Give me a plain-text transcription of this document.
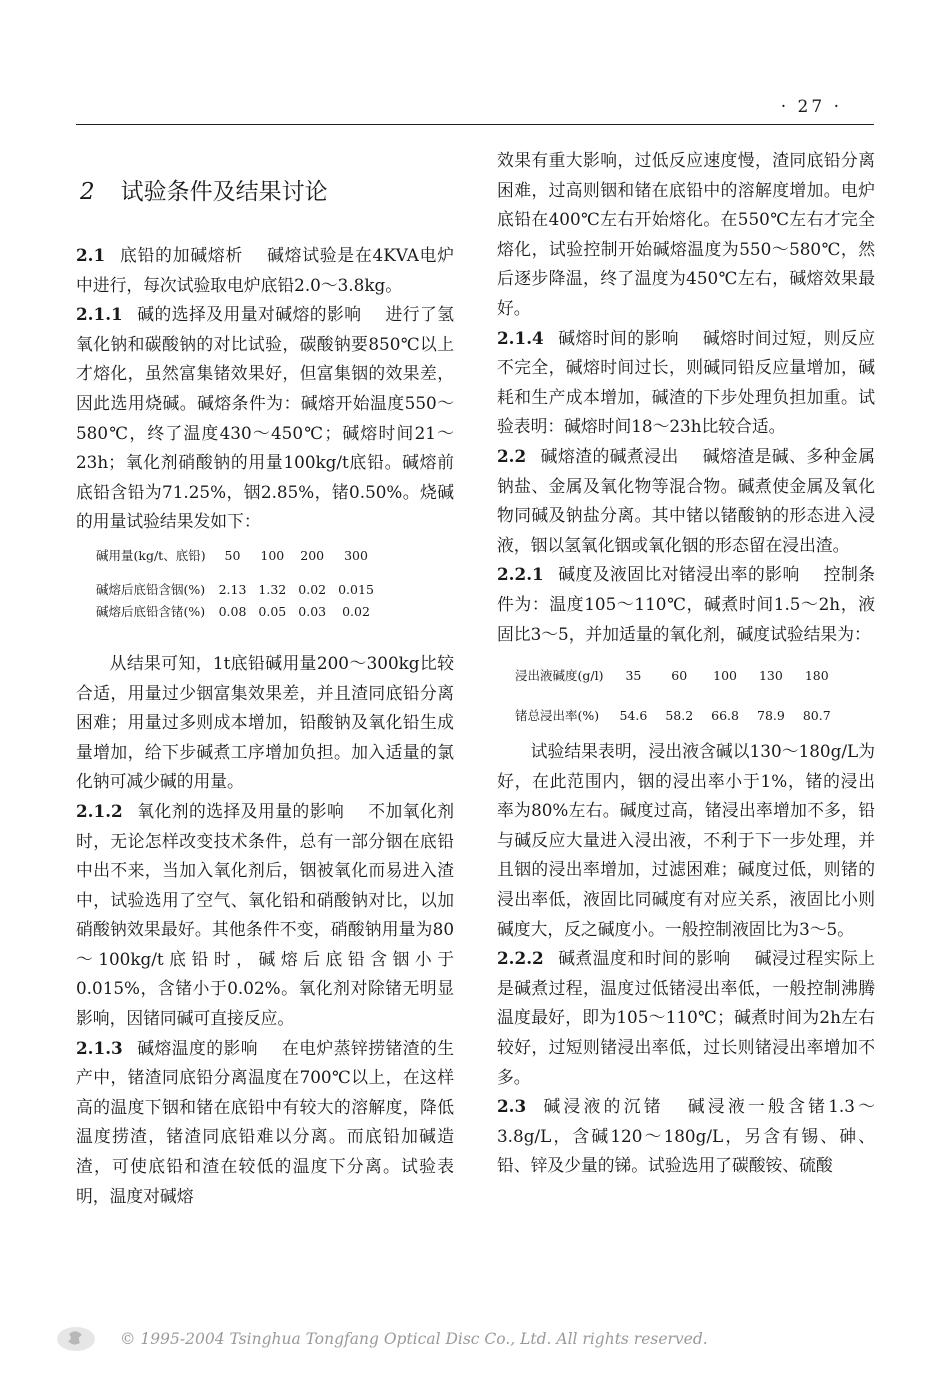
· 27 ·
2 试验条件及结果讨论

2.1 底铅的加碱熔析 碱熔试验是在4KVA电炉中进行，每次试验取电炉底铅2.0～3.8kg。

2.1.1 碱的选择及用量对碱熔的影响 进行了氢氧化钠和碳酸钠的对比试验，碳酸钠要850℃以上才熔化，虽然富集锗效果好，但富集铟的效果差，因此选用烧碱。碱熔条件为：碱熔开始温度550～580℃，终了温度430～450℃；碱熔时间21～23h；氧化剂硝酸钠的用量100kg/t底铅。碱熔前底铅含铅为71.25%，铟2.85%，锗0.50%。烧碱的用量试验结果发如下：

碱用量(kg/t、底铅)	50	100	200	300
碱熔后底铅含铟(%)	2.13	1.32	0.02	0.015
碱熔后底铅含锗(%)	0.08	0.05	0.03	0.02

从结果可知，1t底铅碱用量200～300kg比较合适，用量过少铟富集效果差，并且渣同底铅分离困难；用量过多则成本增加，铅酸钠及氧化铅生成量增加，给下步碱煮工序增加负担。加入适量的氯化钠可减少碱的用量。

2.1.2 氧化剂的选择及用量的影响 不加氧化剂时，无论怎样改变技术条件，总有一部分铟在底铅中出不来，当加入氧化剂后，铟被氧化而易进入渣中，试验选用了空气、氧化铅和硝酸钠对比，以加硝酸钠效果最好。其他条件不变，硝酸钠用量为80～100kg/t底铅时，碱熔后底铅含铟小于0.015%，含锗小于0.02%。氧化剂对除锗无明显影响，因锗同碱可直接反应。

2.1.3 碱熔温度的影响 在电炉蒸锌捞锗渣的生产中，锗渣同底铅分离温度在700℃以上，在这样高的温度下铟和锗在底铅中有较大的溶解度，降低温度捞渣，锗渣同底铅难以分离。而底铅加碱造渣，可使底铅和渣在较低的温度下分离。试验表明，温度对碱熔

效果有重大影响，过低反应速度慢，渣同底铅分离困难，过高则铟和锗在底铅中的溶解度增加。电炉底铅在400℃左右开始熔化。在550℃左右才完全熔化，试验控制开始碱熔温度为550～580℃，然后逐步降温，终了温度为450℃左右，碱熔效果最好。

2.1.4 碱熔时间的影响 碱熔时间过短，则反应不完全，碱熔时间过长，则碱同铅反应量增加，碱耗和生产成本增加，碱渣的下步处理负担加重。试验表明：碱熔时间18～23h比较合适。

2.2 碱熔渣的碱煮浸出 碱熔渣是碱、多种金属钠盐、金属及氧化物等混合物。碱煮使金属及氧化物同碱及钠盐分离。其中锗以锗酸钠的形态进入浸液，铟以氢氧化铟或氧化铟的形态留在浸出渣。

2.2.1 碱度及液固比对锗浸出率的影响 控制条件为：温度105～110℃，碱煮时间1.5～2h，液固比3～5，并加适量的氧化剂，碱度试验结果为：

浸出液碱度(g/l)	35	60	100	130	180
锗总浸出率(%)	54.6	58.2	66.8	78.9	80.7

试验结果表明，浸出液含碱以130～180g/L为好，在此范围内，铟的浸出率小于1%，锗的浸出率为80%左右。碱度过高，锗浸出率增加不多，铅与碱反应大量进入浸出液，不利于下一步处理，并且铟的浸出率增加，过滤困难；碱度过低，则锗的浸出率低，液固比同碱度有对应关系，液固比小则碱度大，反之碱度小。一般控制液固比为3～5。

2.2.2 碱煮温度和时间的影响 碱浸过程实际上是碱煮过程，温度过低锗浸出率低，一般控制沸腾温度最好，即为105～110℃；碱煮时间为2h左右较好，过短则锗浸出率低，过长则锗浸出率增加不多。

2.3 碱浸液的沉锗 碱浸液一般含锗1.3～3.8g/L，含碱120～180g/L，另含有锡、砷、铅、锌及少量的锑。试验选用了碳酸铵、硫酸

© 1995-2004 Tsinghua Tongfang Optical Disc Co., Ltd. All rights reserved.
